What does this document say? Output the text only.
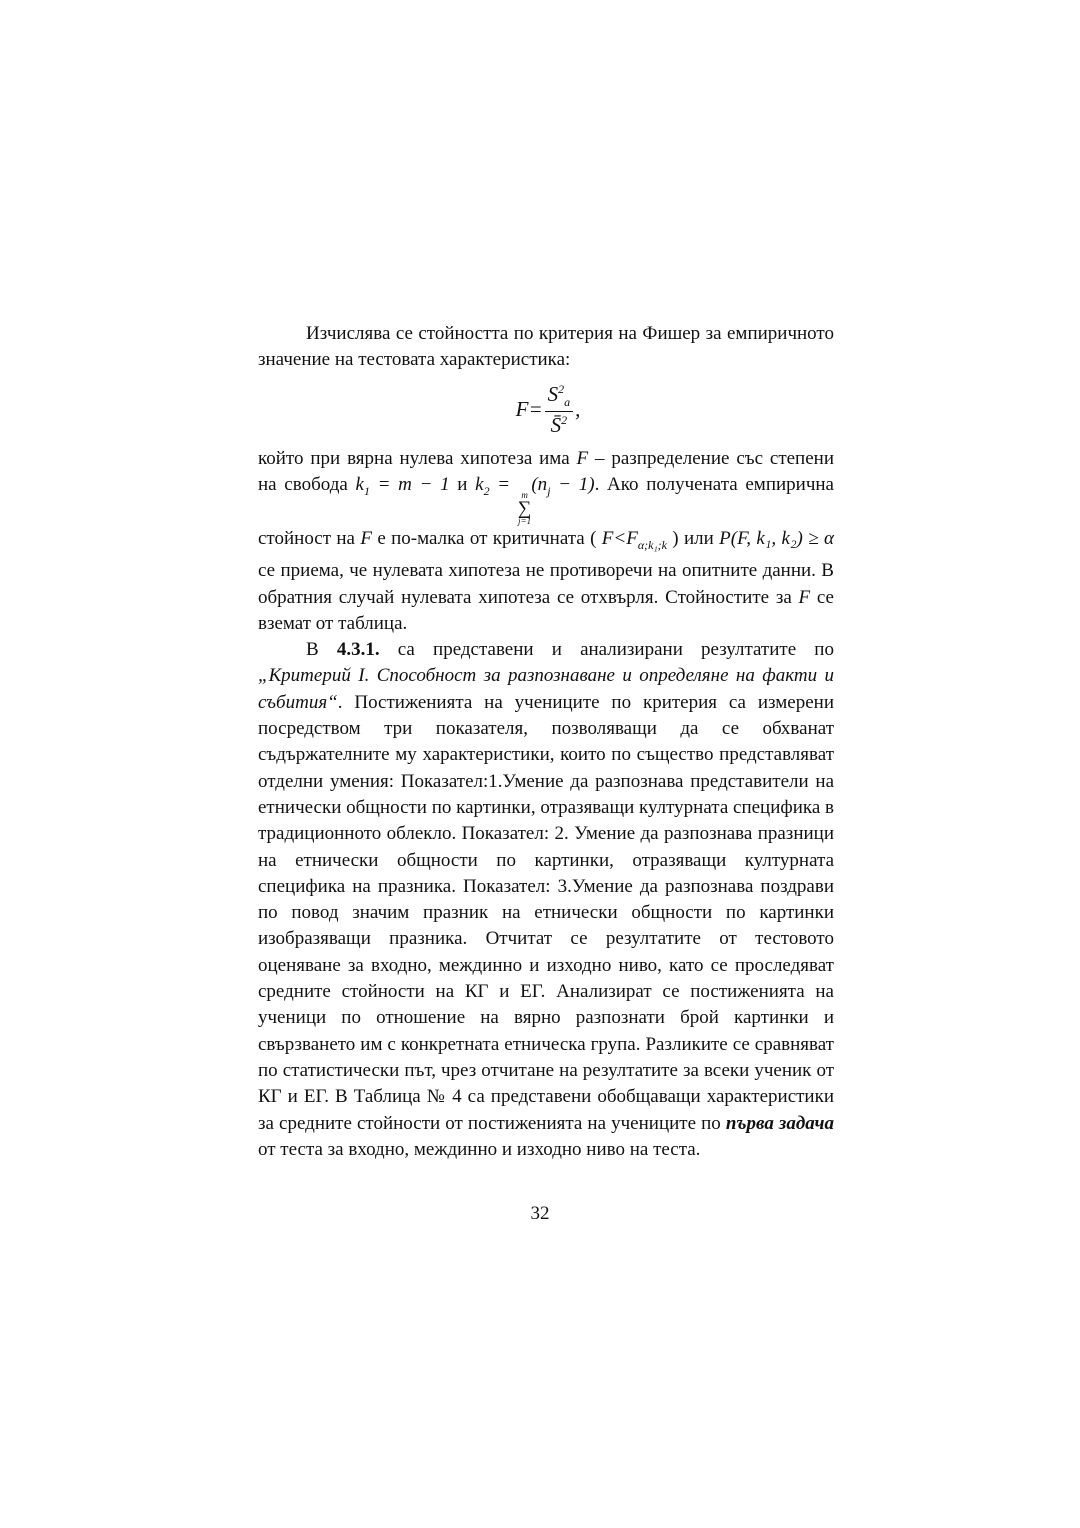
Изчислява се стойността по критерия на Фишер за емпиричното значение на тестовата характеристика:

$F = \frac{S^2_a}{S̄^2}$ ,

който при вярна нулева хипотеза има F – разпределение със степени на свобода $k_1 = m - 1$ и $k_2 = m$
∑
j=1
$(n_j - 1)$. Ако получената емпирична стойност на F е по-малка от критичната ( $F<F_{\alpha;k_1;k}$ ) или P(F, k₁, k₂) ≥ α се приема, че нулевата хипотеза не противоречи на опитните данни. В обратния случай нулевата хипотеза се отхвърля. Стойностите за F се вземат от таблица.

В 4.3.1. са представени и анализирани резултатите по „Критерий I. Способност за разпознаване и определяне на факти и събития“. Постиженията на учениците по критерия са измерени посредством три показателя, позволяващи да се обхванат съдържателните му характеристики, които по същество представляват отделни умения: Показател:1.Умение да разпознава представители на етнически общности по картинки, отразяващи културната специфика в традиционното облекло. Показател: 2. Умение да разпознава празници на етнически общности по картинки, отразяващи културната специфика на празника. Показател: 3.Умение да разпознава поздрави по повод значим празник на етнически общности по картинки изобразяващи празника. Отчитат се резултатите от тестовото оценяване за входно, междинно и изходно ниво, като се проследяват средните стойности на КГ и ЕГ. Анализират се постиженията на ученици по отношение на вярно разпознати брой картинки и свързването им с конкретната етническа група. Разликите се сравняват по статистически път, чрез отчитане на резултатите за всеки ученик от КГ и ЕГ. В Таблица № 4 са представени обобщаващи характеристики за средните стойности от постиженията на учениците по първа задача от теста за входно, междинно и изходно ниво на теста.

32
